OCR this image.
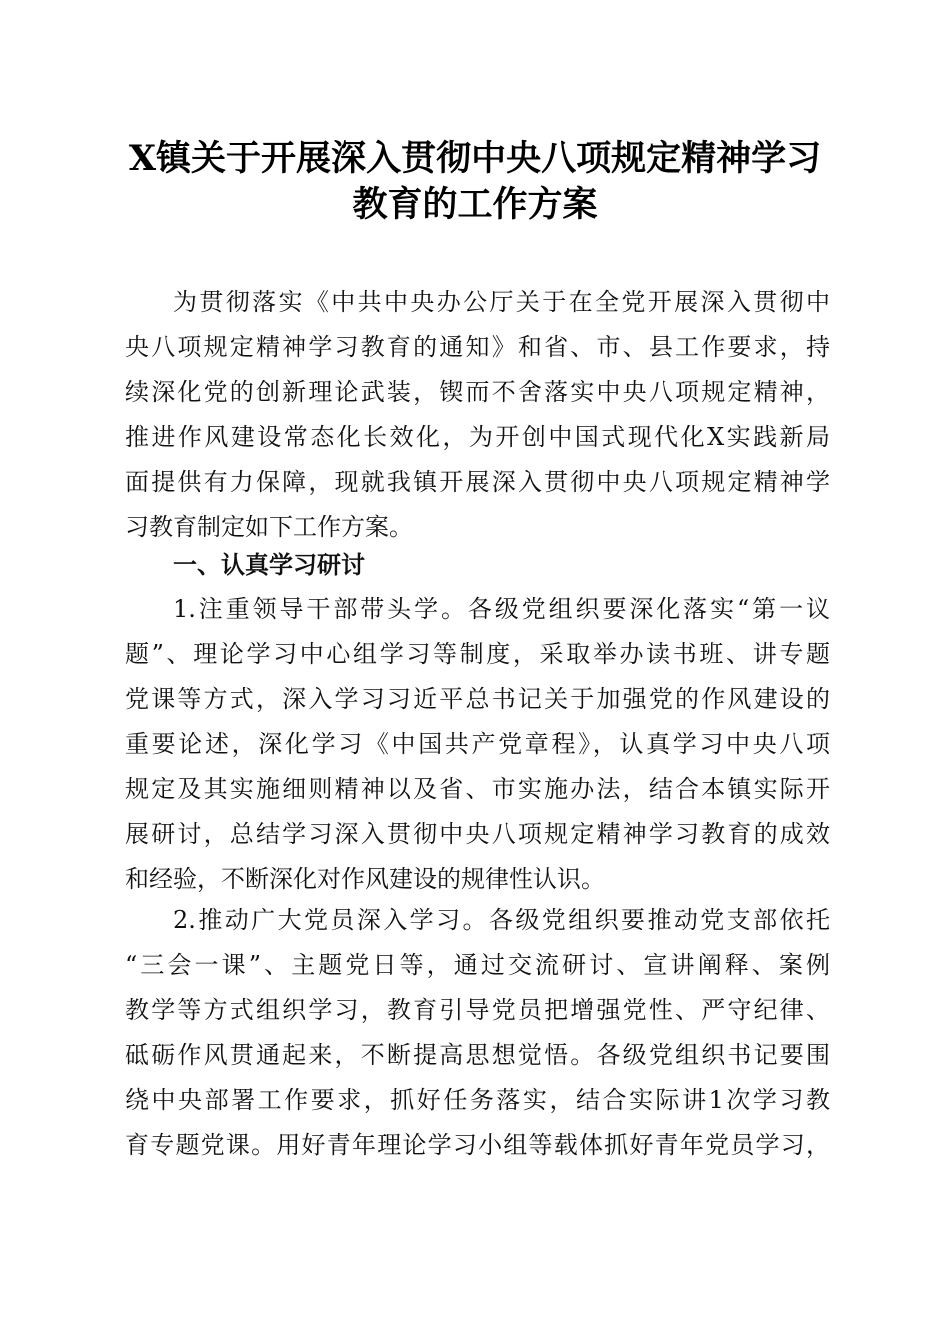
X镇关于开展深入贯彻中央八项规定精神学习
教育的工作方案
为贯彻落实《中共中央办公厅关于在全党开展深入贯彻中
央八项规定精神学习教育的通知》和省、市、县工作要求，持
续深化党的创新理论武装，锲而不舍落实中央八项规定精神，
推进作风建设常态化长效化，为开创中国式现代化X实践新局
面提供有力保障，现就我镇开展深入贯彻中央八项规定精神学
习教育制定如下工作方案。
一、认真学习研讨
1.注重领导干部带头学。各级党组织要深化落实“第一议
题”、理论学习中心组学习等制度，采取举办读书班、讲专题
党课等方式，深入学习习近平总书记关于加强党的作风建设的
重要论述，深化学习《中国共产党章程》，认真学习中央八项
规定及其实施细则精神以及省、市实施办法，结合本镇实际开
展研讨，总结学习深入贯彻中央八项规定精神学习教育的成效
和经验，不断深化对作风建设的规律性认识。
2.推动广大党员深入学习。各级党组织要推动党支部依托
“三会一课”、主题党日等，通过交流研讨、宣讲阐释、案例
教学等方式组织学习，教育引导党员把增强党性、严守纪律、
砥砺作风贯通起来，不断提高思想觉悟。各级党组织书记要围
绕中央部署工作要求，抓好任务落实，结合实际讲1次学习教
育专题党课。用好青年理论学习小组等载体抓好青年党员学习，
